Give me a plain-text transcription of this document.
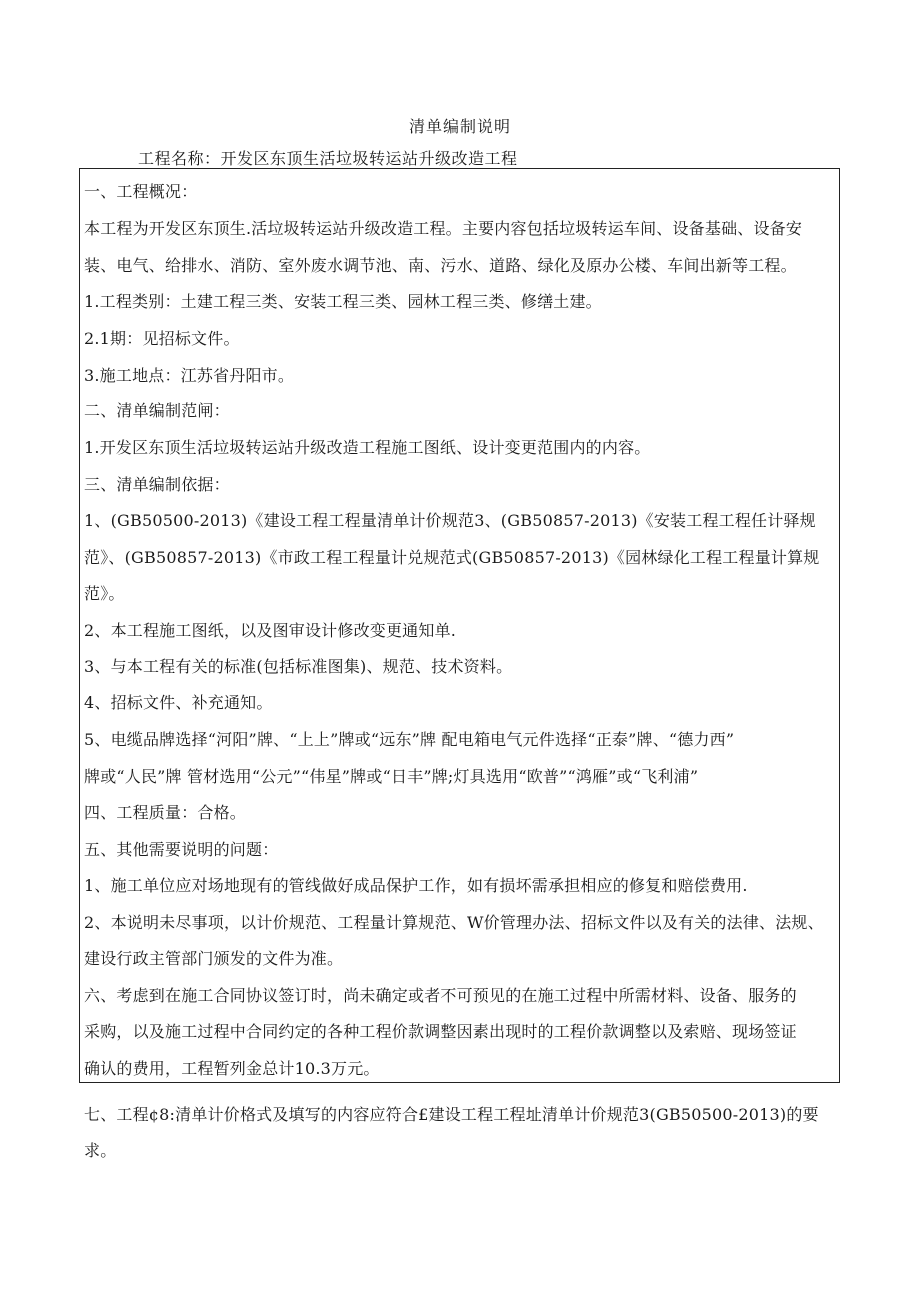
清单编制说明
工程名称：开发区东顶生活垃圾转运站升级改造工程
一、工程概况：
本工程为开发区东顶生.活垃圾转运站升级改造工程。主要内容包括垃圾转运车间、设备基础、设备安
装、电气、给排水、消防、室外废水调节池、南、污水、道路、绿化及原办公楼、车间出新等工程。
1.工程类别：土建工程三类、安装工程三类、园林工程三类、修缮土建。
2.1期：见招标文件。
3.施工地点：江苏省丹阳市。
二、清单编制范闸：
1.开发区东顶生活垃圾转运站升级改造工程施工图纸、设计变更范围内的内容。
三、清单编制依据：
1、(GB50500-2013)《建设工程工程量清单计价规范3、(GB50857-2013)《安装工程工程任计驿规
范》、(GB50857-2013)《市政工程工程量计兑规范式(GB50857-2013)《园林绿化工程工程量计算规
范》。
2、本工程施工图纸，以及图审设计修改变更通知单.
3、与本工程有关的标准(包括标准图集)、规范、技术资料。
4、招标文件、补充通知。
5、电缆品牌选择“河阳”牌、“上上”牌或“远东”牌 配电箱电气元件选择“正泰”牌、“德力西”
牌或“人民”牌 管材选用“公元”“伟星”牌或“日丰”牌;灯具选用“欧普”“鸿雁”或“飞利浦”
四、工程质量：合格。
五、其他需要说明的问题：
1、施工单位应对场地现有的管线做好成品保护工作，如有损坏需承担相应的修复和赔偿费用.
2、本说明未尽事项，以计价规范、工程量计算规范、W价管理办法、招标文件以及有关的法律、法规、
建设行政主管部门颁发的文件为准。
六、考虑到在施工合同协议签订时，尚未确定或者不可预见的在施工过程中所需材料、设备、服务的
采购，以及施工过程中合同约定的各种工程价款调整因素出现时的工程价款调整以及索赔、现场签证
确认的费用，工程暂列金总计10.3万元。
七、工程¢8:清单计价格式及填写的内容应符合£建设工程工程址清单计价规范3(GB50500-2013)的要
求。
